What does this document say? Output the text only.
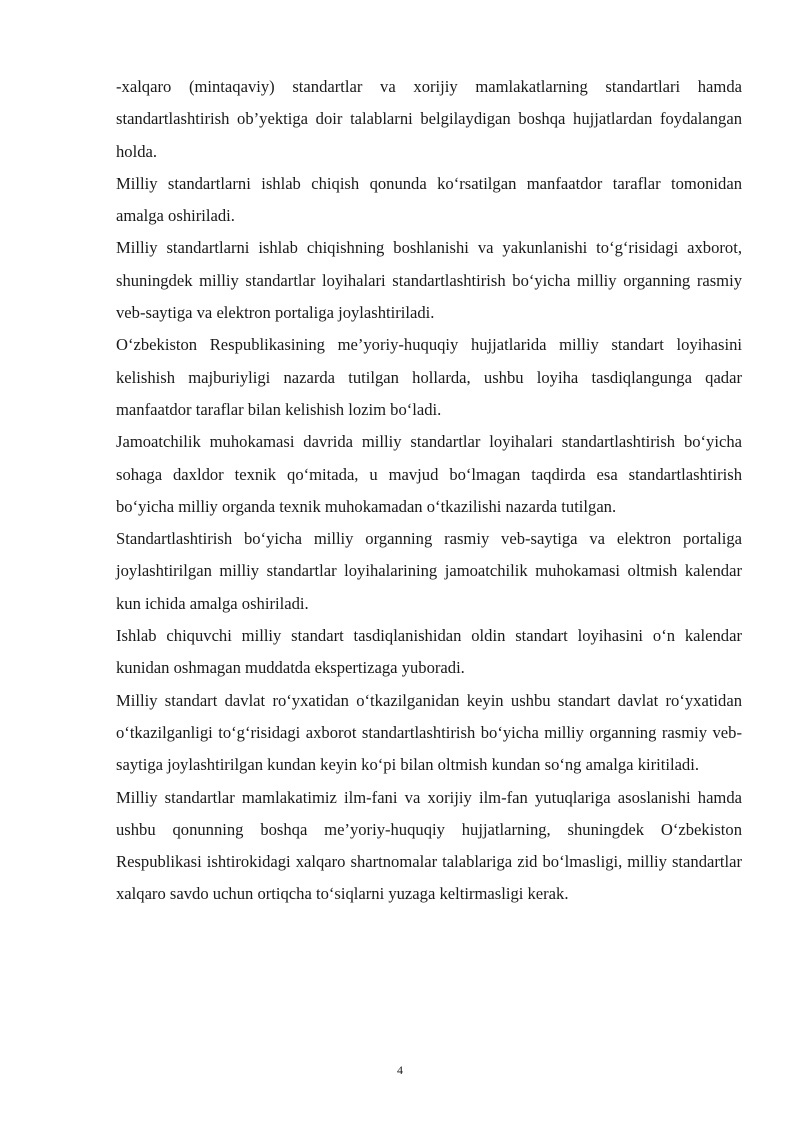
-xalqaro (mintaqaviy) standartlar va xorijiy mamlakatlarning standartlari hamda standartlashtirish ob’yektiga doir talablarni belgilaydigan boshqa hujjatlardan foydalangan holda.

Milliy standartlarni ishlab chiqish qonunda ko‘rsatilgan manfaatdor taraflar tomonidan amalga oshiriladi.

Milliy standartlarni ishlab chiqishning boshlanishi va yakunlanishi to‘g‘risidagi axborot, shuningdek milliy standartlar loyihalari standartlashtirish bo‘yicha milliy organning rasmiy veb-saytiga va elektron portaliga joylashtiriladi.

O‘zbekiston Respublikasining me’yoriy-huquqiy hujjatlarida milliy standart loyihasini kelishish majburiyligi nazarda tutilgan hollarda, ushbu loyiha tasdiqlangunga qadar manfaatdor taraflar bilan kelishish lozim bo‘ladi.

Jamoatchilik muhokamasi davrida milliy standartlar loyihalari standartlashtirish bo‘yicha sohaga daxldor texnik qo‘mitada, u mavjud bo‘lmagan taqdirda esa standartlashtirish bo‘yicha milliy organda texnik muhokamadan o‘tkazilishi nazarda tutilgan.

Standartlashtirish bo‘yicha milliy organning rasmiy veb-saytiga va elektron portaliga joylashtirilgan milliy standartlar loyihalarining jamoatchilik muhokamasi oltmish kalendar kun ichida amalga oshiriladi.

Ishlab chiquvchi milliy standart tasdiqlanishidan oldin standart loyihasini o‘n kalendar kunidan oshmagan muddatda ekspertizaga yuboradi.

Milliy standart davlat ro‘yxatidan o‘tkazilganidan keyin ushbu standart davlat ro‘yxatidan o‘tkazilganligi to‘g‘risidagi axborot standartlashtirish bo‘yicha milliy organning rasmiy veb-saytiga joylashtirilgan kundan keyin ko‘pi bilan oltmish kundan so‘ng amalga kiritiladi.

Milliy standartlar mamlakatimiz ilm-fani va xorijiy ilm-fan yutuqlariga asoslanishi hamda ushbu qonunning boshqa me’yoriy-huquqiy hujjatlarning, shuningdek O‘zbekiston Respublikasi ishtirokidagi xalqaro shartnomalar talablariga zid bo‘lmasligi, milliy standartlar xalqaro savdo uchun ortiqcha to‘siqlarni yuzaga keltirmasligi kerak.

4
